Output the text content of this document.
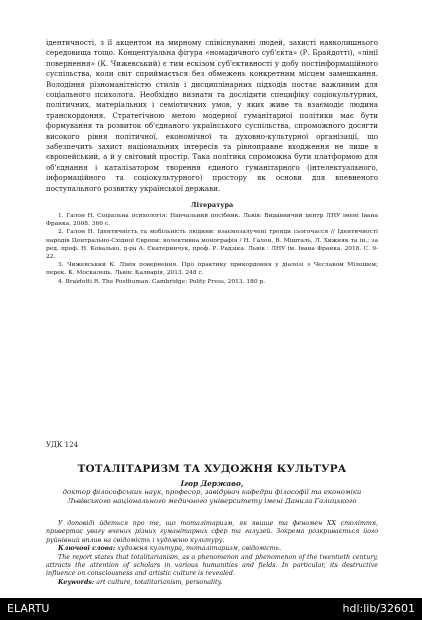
ідентичності, з її акцентом на мирному співіснуванні людей, захисті навколишнього середовища тощо. Концептуальна фігура «номадичного суб'єкта» (Р. Брайдотті), «лінії повернення» (К. Чижевський) є тим ескізом суб'єктивності у добу постінформаційного суспільства, коли світ сприймається без обмежень конкретним місцем замешкання. Володіння різноманітністю стилів і дисциплінарних підходів постає важливим для соціального психолога. Необхідно визнати та дослідити специфіку соціокультурних, політичних, матеріальних і семіотичних умов, у яких живе та взаємодіє людина транскордоння. Стратегічною метою модерної гуманітарної політики має бути формування та розвиток об'єднаного українського суспільства, спроможного досягти високого рівня політичної, економічної та духовно-культурної організації, що забезпечить захист національних інтересів та рівноправне входження не лише в європейський, а й у світовий простір. Така політика спроможна бути платформою для об'єднання і каталізатором творення єдиного гуманітарного (інтелектуального, інформаційного та соціокультурного) простору як основи для впевненого поступального розвитку української держави.
Література
1. Галон Н. Соціальна психологія: Навчальний посібник. Львів: Видавничий центр ЛНУ імені Івана Франка, 2008. 366 с.
2. Галон Н. Ідентичність та мобільність людини: взаємозалучені тренди сьогочасся // Ідентичності народів Центрально-Східної Європи: колективна монографія / Н. Галон, В. Мішталь, Л. Хижняк та ін.; за ред. проф. Н. Ковалько, д-ра А. Єкатеринчук, проф. Р. Радзіка. Львів : ЛНУ ім. Івана Франка, 2018. С. 9-22.
3. Чижевський К. Лінія повернення. Про практику прикордоння у діалозі з Чеславом Мілошем; перек. К. Москалець. Львів: Калварія, 2013. 248 с.
4. Braidotti R. The Posthuman. Cambridge: Polity Press, 2013. 180 p.
УДК 124
ТОТАЛІТАРИЗМ ТА ХУДОЖНЯ КУЛЬТУРА
Ігор Державо,
доктор філософських наук, професор, завідувач кафедри філософії та економіки Львівського національного медичного університету імені Данила Галицького

У доповіді йдеться про те, що тоталітаризм, як явище та феномен XX століття, привертає увагу вчених різних гуманітарних сфер та галузей. Зокрема розкривається його руйнівний вплив на свідомість і художню культуру.

Ключові слова: художня культура, тоталітаризм, свідомість.

The report states that totalitarianism, as a phenomenon and phenomenon of the twentieth century, attracts the attention of scholars in various humanities and fields. In particular, its destructive influence on consciousness and artistic culture is revealed.

Keywords: art culture, totalitarianism, personality.

ELARTU	hdl:lib/32601
